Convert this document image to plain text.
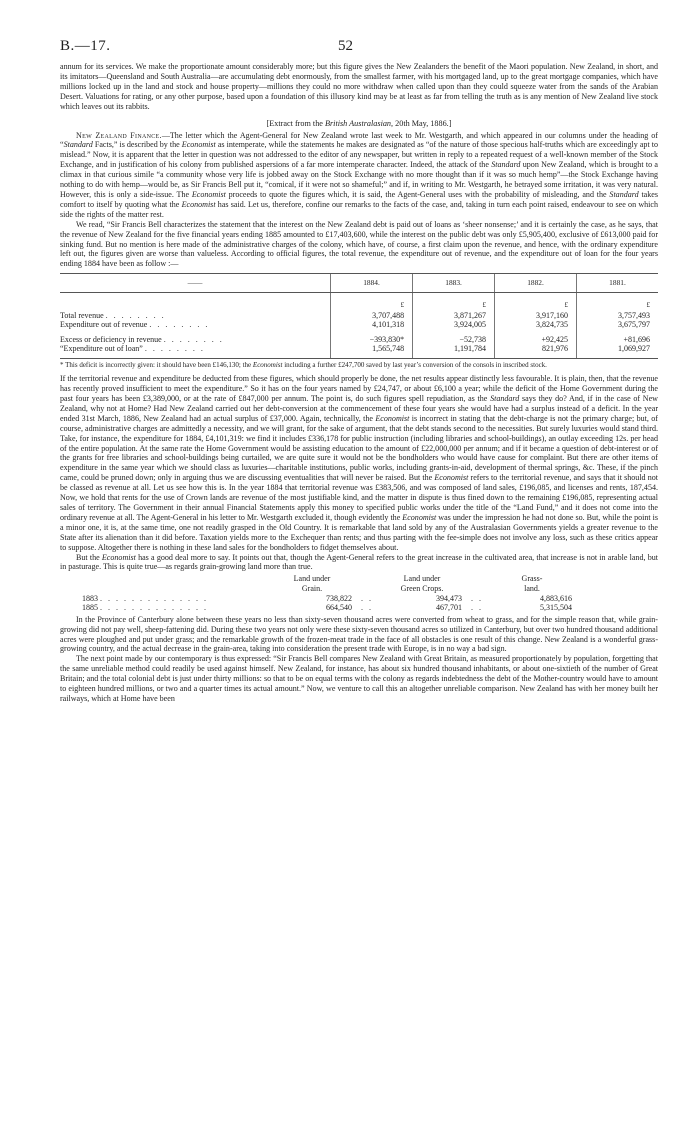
B.—17.	52

annum for its services. We make the proportionate amount considerably more; but this figure gives the New Zealanders the benefit of the Maori population. New Zealand, in short, and its imitators—Queensland and South Australia—are accumulating debt enormously, from the smallest farmer, with his mortgaged land, up to the great mortgage companies, which have millions locked up in the land and stock and house property—millions they could no more withdraw when called upon than they could squeeze water from the sands of the Arabian Desert. Valuations for rating, or any other purpose, based upon a foundation of this illusory kind may be at least as far from telling the truth as is any mention of New Zealand live stock which leaves out its rabbits.

[Extract from the British Australasian, 20th May, 1886.]

New Zealand Finance.—The letter which the Agent-General for New Zealand wrote last week to Mr. Westgarth, and which appeared in our columns under the heading of “Standard Facts,” is described by the Economist as intemperate, while the statements he makes are designated as “of the nature of those specious half-truths which are exceedingly apt to mislead.” Now, it is apparent that the letter in question was not addressed to the editor of any newspaper, but written in reply to a repeated request of a well-known member of the Stock Exchange, and in justification of his colony from published aspersions of a far more intemperate character. Indeed, the attack of the Standard upon New Zealand, which is brought to a climax in that curious simile “a community whose very life is jobbed away on the Stock Exchange with no more thought than if it was so much hemp”—the Stock Exchange having nothing to do with hemp—would be, as Sir Francis Bell put it, “comical, if it were not so shameful;” and if, in writing to Mr. Westgarth, he betrayed some irritation, it was very natural. However, this is only a side-issue. The Economist proceeds to quote the figures which, it is said, the Agent-General uses with the probability of misleading, and the Standard takes comfort to itself by quoting what the Economist has said. Let us, therefore, confine our remarks to the facts of the case, and, taking in turn each point raised, endeavour to see on which side the rights of the matter rest.

We read, “Sir Francis Bell characterizes the statement that the interest on the New Zealand debt is paid out of loans as ‘sheer nonsense;’ and it is certainly the case, as he says, that the revenue of New Zealand for the five financial years ending 1885 amounted to £17,403,600, while the interest on the public debt was only £5,905,400, exclusive of £613,000 paid for sinking fund. But no mention is here made of the administrative charges of the colony, which have, of course, a first claim upon the revenue, and hence, with the ordinary expenditure left out, the figures given are worse than valueless. According to official figures, the total revenue, the expenditure out of revenue, and the expenditure out of loan for the four years ending 1884 have been as follow :—

——	1884.	1883.	1882.	1881.
	£	£	£	£
Total revenue . . . . . . . .	3,707,488	3,871,267	3,917,160	3,757,493
Expenditure out of revenue . . . . . . . .	4,101,318	3,924,005	3,824,735	3,675,797
Excess or deficiency in revenue . . . . . . . .	−393,830*	−52,738	+92,425	+81,696
“Expenditure out of loan” . . . . . . . .	1,565,748	1,191,784	821,976	1,069,927

* This deficit is incorrectly given: it should have been £146,130; the Economist including a further £247,700 saved by last year’s conversion of the consols in inscribed stock.

If the territorial revenue and expenditure be deducted from these figures, which should properly be done, the net results appear distinctly less favourable. It is plain, then, that the revenue has recently proved insufficient to meet the expenditure.” So it has on the four years named by £24,747, or about £6,100 a year; while the deficit of the Home Government during the past four years has been £3,389,000, or at the rate of £847,000 per annum. The point is, do such figures spell repudiation, as the Standard says they do? And, if in the case of New Zealand, why not at Home? Had New Zealand carried out her debt-conversion at the commencement of these four years she would have had a surplus instead of a deficit. In the year ended 31st March, 1886, New Zealand had an actual surplus of £37,000. Again, technically, the Economist is incorrect in stating that the debt-charge is not the primary charge; but, of course, administrative charges are admittedly a necessity, and we will grant, for the sake of argument, that the debt stands second to the necessities. But surely luxuries would stand third. Take, for instance, the expenditure for 1884, £4,101,319: we find it includes £336,178 for public instruction (including libraries and school-buildings), an outlay exceeding 12s. per head of the entire population. At the same rate the Home Government would be assisting education to the amount of £22,000,000 per annum; and if it became a question of debt-interest or of the grants for free libraries and school-buildings being curtailed, we are quite sure it would not be the bondholders who would have cause for complaint. But there are other items of expenditure in the same year which we should class as luxuries—charitable institutions, public works, including grants-in-aid, development of thermal springs, &c. These, if the pinch came, could be pruned down; only in arguing thus we are discussing eventualities that will never be raised. But the Economist refers to the territorial revenue, and says that it should not be classed as revenue at all. Let us see how this is. In the year 1884 that territorial revenue was £383,506, and was composed of land sales, £196,085, and licenses and rents, 187,454. Now, we hold that rents for the use of Crown lands are revenue of the most justifiable kind, and the matter in dispute is thus fined down to the remaining £196,085, representing actual sales of territory. The Government in their annual Financial Statements apply this money to specified public works under the title of the “Land Fund,” and it does not come into the ordinary revenue at all. The Agent-General in his letter to Mr. Westgarth excluded it, though evidently the Economist was under the impression he had not done so. But, while the point is a minor one, it is, at the same time, one not readily grasped in the Old Country. It is remarkable that land sold by any of the Australasian Governments yields a greater revenue to the State after its alienation than it did before. Taxation yields more to the Exchequer than rents; and thus parting with the fee-simple does not involve any loss, such as these critics appear to suppose. Altogether there is nothing in these land sales for the bondholders to fidget themselves about.

But the Economist has a good deal more to say. It points out that, though the Agent-General refers to the great increase in the cultivated area, that increase is not in arable land, but in pasturage. This is quite true—as regards grain-growing land more than true.

	Land under
Grain.		Land under
Green Crops.		Grass-
land.
1883 . . . . . . . . . . . . . .	738,822	. .	394,473	. .	4,883,616
1885 . . . . . . . . . . . . . .	664,540	. .	467,701	. .	5,315,504

In the Province of Canterbury alone between these years no less than sixty-seven thousand acres were converted from wheat to grass, and for the simple reason that, while grain-growing did not pay well, sheep-fattening did. During these two years not only were these sixty-seven thousand acres so utilized in Canterbury, but over two hundred thousand additional acres were ploughed and put under grass; and the remarkable growth of the frozen-meat trade in the face of all obstacles is one result of this change. New Zealand is a wonderful grass-growing country, and the actual decrease in the grain-area, taking into consideration the present trade with Europe, is in no way a bad sign.

The next point made by our contemporary is thus expressed: “Sir Francis Bell compares New Zealand with Great Britain, as measured proportionately by population, forgetting that the same unreliable method could readily be used against himself. New Zealand, for instance, has about six hundred thousand inhabitants, or about one-sixtieth of the number of Great Britain; and the total colonial debt is just under thirty millions: so that to be on equal terms with the colony as regards indebtedness the debt of the Mother-country would have to amount to eighteen hundred millions, or two and a quarter times its actual amount.” Now, we venture to call this an altogether unreliable comparison. New Zealand has with her money built her railways, which at Home have been
